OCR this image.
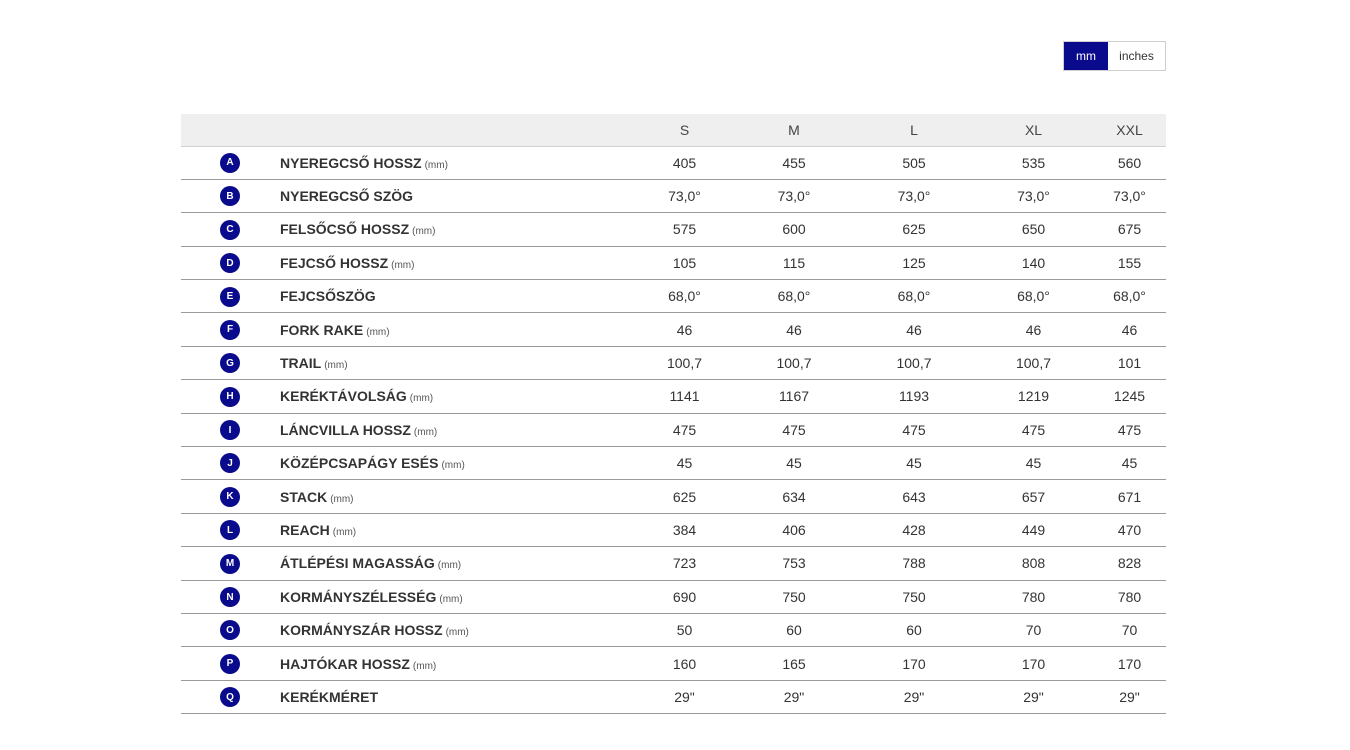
mm	inches
		S	M	L	XL	XXL
A	NYEREGCSŐ HOSSZ (mm)	405	455	505	535	560
B	NYEREGCSŐ SZÖG	73,0°	73,0°	73,0°	73,0°	73,0°
C	FELSŐCSŐ HOSSZ (mm)	575	600	625	650	675
D	FEJCSŐ HOSSZ (mm)	105	115	125	140	155
E	FEJCSŐSZÖG	68,0°	68,0°	68,0°	68,0°	68,0°
F	FORK RAKE (mm)	46	46	46	46	46
G	TRAIL (mm)	100,7	100,7	100,7	100,7	101
H	KERÉKTÁVOLSÁG (mm)	1141	1167	1193	1219	1245
I	LÁNCVILLA HOSSZ (mm)	475	475	475	475	475
J	KÖZÉPCSAPÁGY ESÉS (mm)	45	45	45	45	45
K	STACK (mm)	625	634	643	657	671
L	REACH (mm)	384	406	428	449	470
M	ÁTLÉPÉSI MAGASSÁG (mm)	723	753	788	808	828
N	KORMÁNYSZÉLESSÉG (mm)	690	750	750	780	780
O	KORMÁNYSZÁR HOSSZ (mm)	50	60	60	70	70
P	HAJTÓKAR HOSSZ (mm)	160	165	170	170	170
Q	KERÉKMÉRET	29"	29"	29"	29"	29"
